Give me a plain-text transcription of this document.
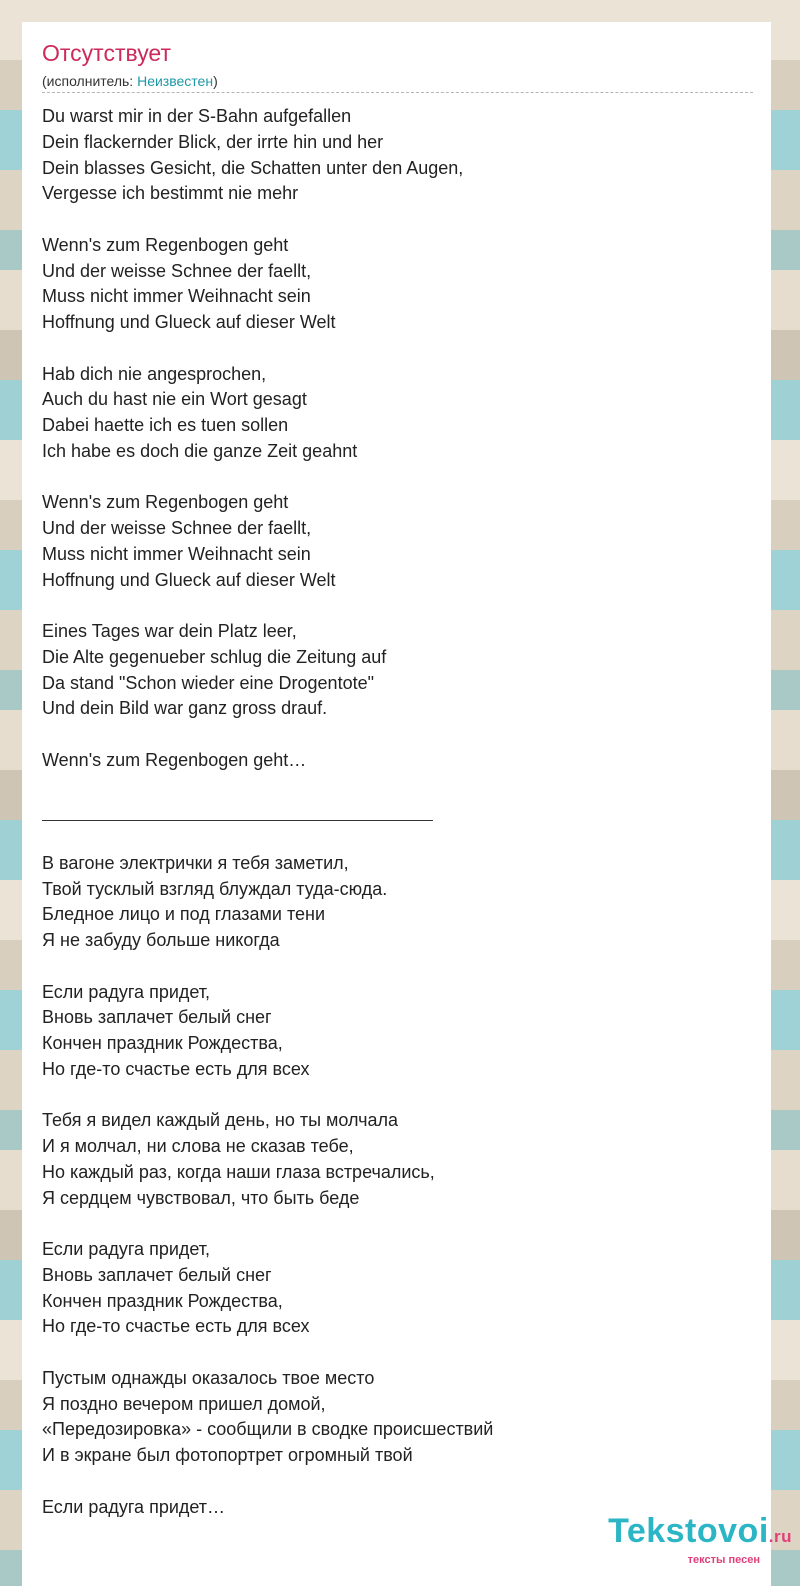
Отсутствует
(исполнитель: Неизвестен)

Du warst mir in der S-Bahn aufgefallen

Dein flackernder Blick, der irrte hin und her

Dein blasses Gesicht, die Schatten unter den Augen,

Vergesse ich bestimmt nie mehr

Wenn's zum Regenbogen geht

Und der weisse Schnee der faellt,

Muss nicht immer Weihnacht sein

Hoffnung und Glueck auf dieser Welt

Hab dich nie angesprochen,

Auch du hast nie ein Wort gesagt

Dabei haette ich es tuen sollen

Ich habe es doch die ganze Zeit geahnt

Wenn's zum Regenbogen geht

Und der weisse Schnee der faellt,

Muss nicht immer Weihnacht sein

Hoffnung und Glueck auf dieser Welt

Eines Tages war dein Platz leer,

Die Alte gegenueber schlug die Zeitung auf

Da stand "Schon wieder eine Drogentote"

Und dein Bild war ganz gross drauf.

Wenn's zum Regenbogen geht…

В вагоне электрички я тебя заметил,

Твой тусклый взгляд блуждал туда-сюда.

Бледное лицо и под глазами тени

Я не забуду больше никогда

Если радуга придет,

Вновь заплачет белый снег

Кончен праздник Рождества,

Но где-то счастье есть для всех

Тебя я видел каждый день, но ты молчала

И я молчал, ни слова не сказав тебе,

Но каждый раз, когда наши глаза встречались,

Я сердцем чувствовал, что быть беде

Если радуга придет,

Вновь заплачет белый снег

Кончен праздник Рождества,

Но где-то счастье есть для всех

Пустым однажды оказалось твое место

Я поздно вечером пришел домой,

«Передозировка» - сообщили в сводке происшествий

И в экране был фотопортрет огромный твой

Если радуга придет…

Tekstovoi.ru
тексты песен
